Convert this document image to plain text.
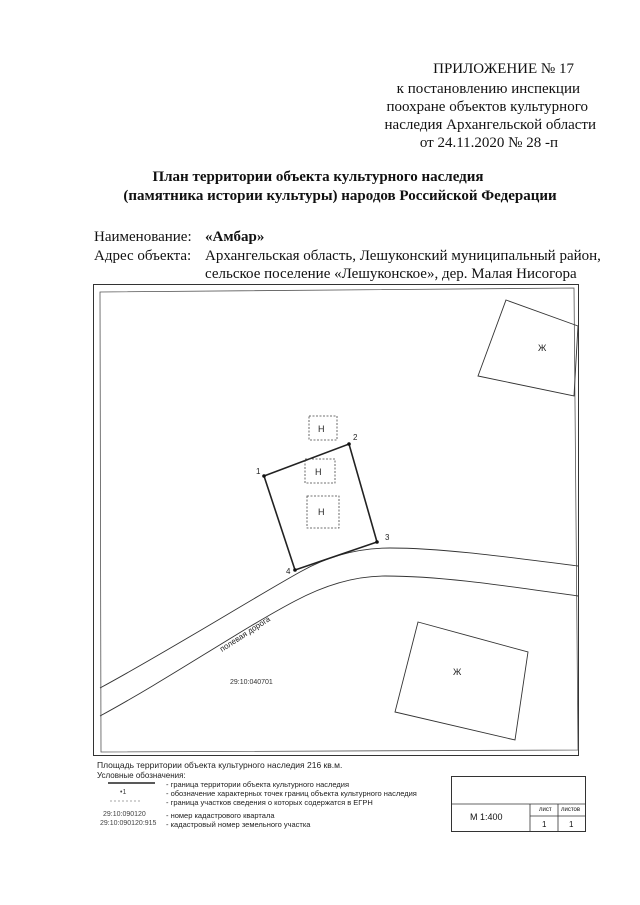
ПРИЛОЖЕНИЕ № 17
к постановлению инспекции
поохране объектов культурного
наследия Архангельской области
от 24.11.2020 № 28 -п
План территории объекта культурного наследия
(памятника истории культуры) народов Российской Федерации
Наименование: «Амбар»
Адрес объекта: Архангельская область, Лешуконский муниципальный район,
сельское поселение «Лешуконское», дер. Малая Нисогора
полевая дорога
Ж
Ж
Н
Н
Н
1
2
3
4
29:10:040701
Площадь территории объекта культурного наследия 216 кв.м.
Условные обозначения:
•1
29:10:090120
29:10:090120:915
- граница территории объекта культурного наследия
- обозначение характерных точек границ объекта культурного наследия
- граница участков сведения о которых содержатся в ЕГРН
- номер кадастрового квартала
- кадастровый номер земельного участка
М 1:400
лист листов
1	1
